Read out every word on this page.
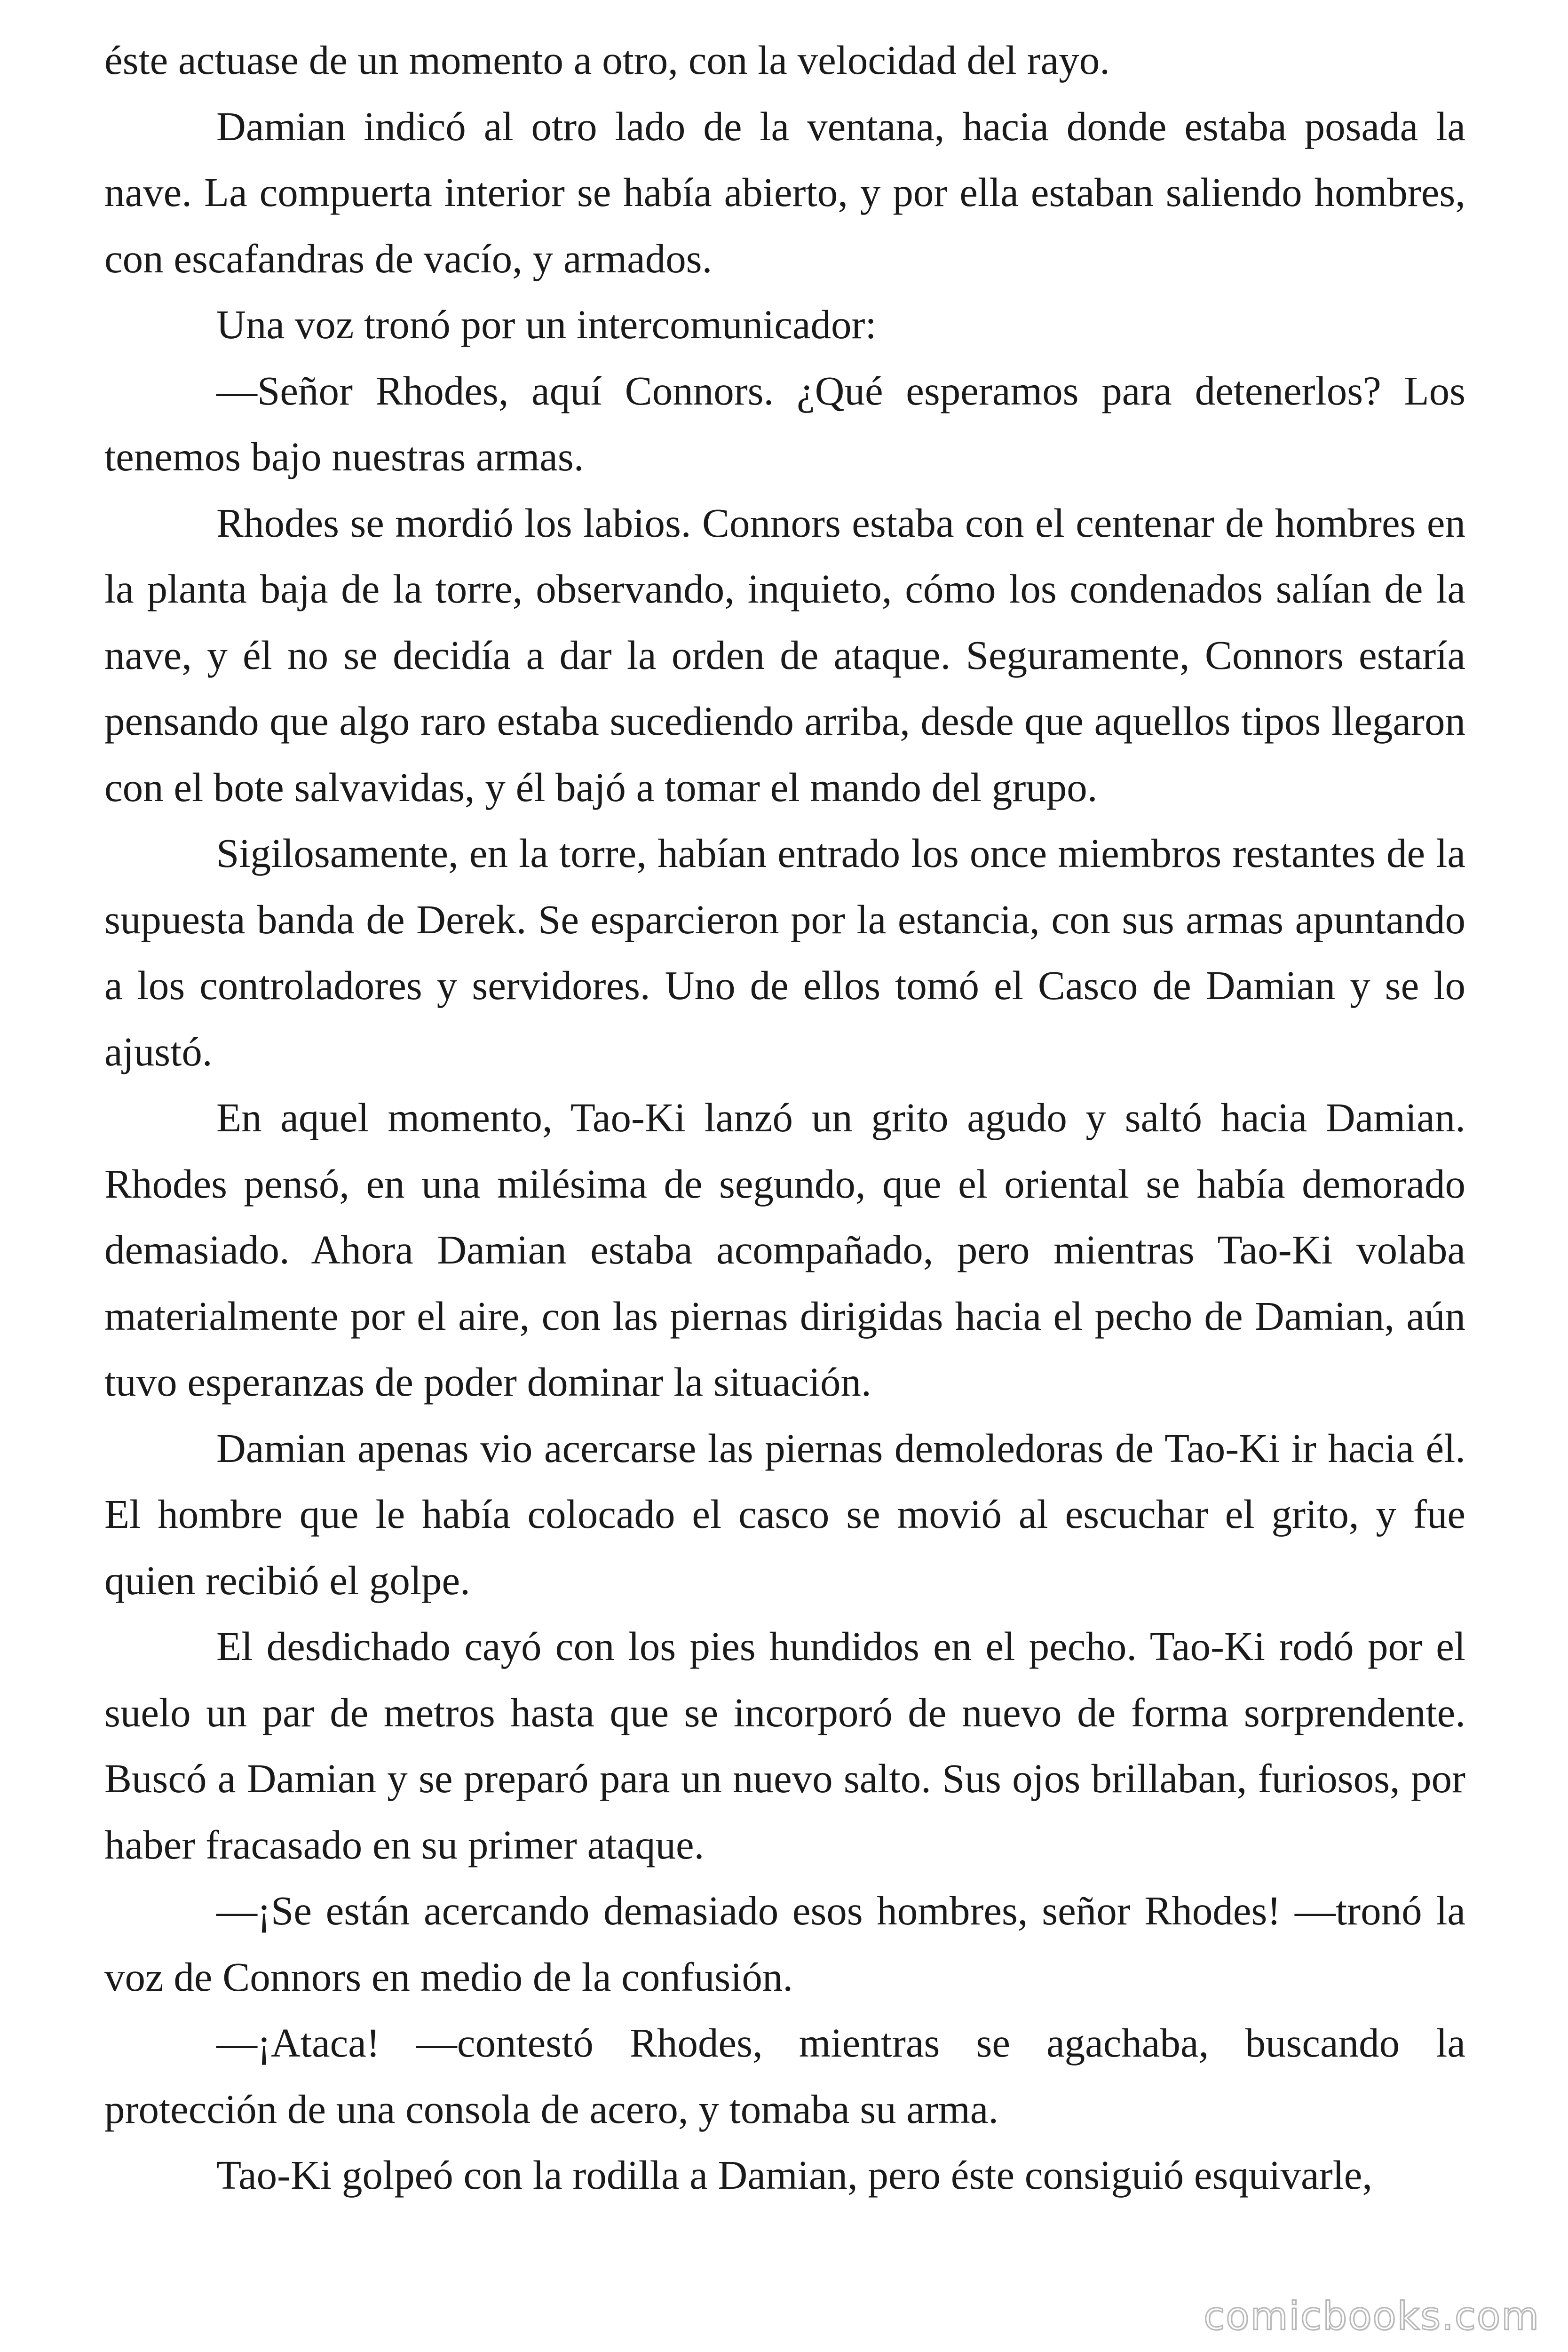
éste actuase de un momento a otro, con la velocidad del rayo.

Damian indicó al otro lado de la ventana, hacia donde estaba posada la nave. La compuerta interior se había abierto, y por ella estaban saliendo hombres, con escafandras de vacío, y armados.

Una voz tronó por un intercomunicador:

—Señor Rhodes, aquí Connors. ¿Qué esperamos para detenerlos? Los tenemos bajo nuestras armas.

Rhodes se mordió los labios. Connors estaba con el centenar de hombres en la planta baja de la torre, observando, inquieto, cómo los condenados salían de la nave, y él no se decidía a dar la orden de ataque. Seguramente, Connors estaría pensando que algo raro estaba sucediendo arriba, desde que aquellos tipos llegaron con el bote salvavidas, y él bajó a tomar el mando del grupo.

Sigilosamente, en la torre, habían entrado los once miembros restantes de la supuesta banda de Derek. Se esparcieron por la estancia, con sus armas apuntando a los controladores y servidores. Uno de ellos tomó el Casco de Damian y se lo ajustó.

En aquel momento, Tao-Ki lanzó un grito agudo y saltó hacia Damian. Rhodes pensó, en una milésima de segundo, que el oriental se había demorado demasiado. Ahora Damian estaba acompañado, pero mientras Tao-Ki volaba materialmente por el aire, con las piernas dirigidas hacia el pecho de Damian, aún tuvo esperanzas de poder dominar la situación.

Damian apenas vio acercarse las piernas demoledoras de Tao-Ki ir hacia él. El hombre que le había colocado el casco se movió al escuchar el grito, y fue quien recibió el golpe.

El desdichado cayó con los pies hundidos en el pecho. Tao-Ki rodó por el suelo un par de metros hasta que se incorporó de nuevo de forma sorprendente. Buscó a Damian y se preparó para un nuevo salto. Sus ojos brillaban, furiosos, por haber fracasado en su primer ataque.

—¡Se están acercando demasiado esos hombres, señor Rhodes! —tronó la voz de Connors en medio de la confusión.

—¡Ataca! —contestó Rhodes, mientras se agachaba, buscando la protección de una consola de acero, y tomaba su arma.

Tao-Ki golpeó con la rodilla a Damian, pero éste consiguió esquivarle,

comicbooks.com
